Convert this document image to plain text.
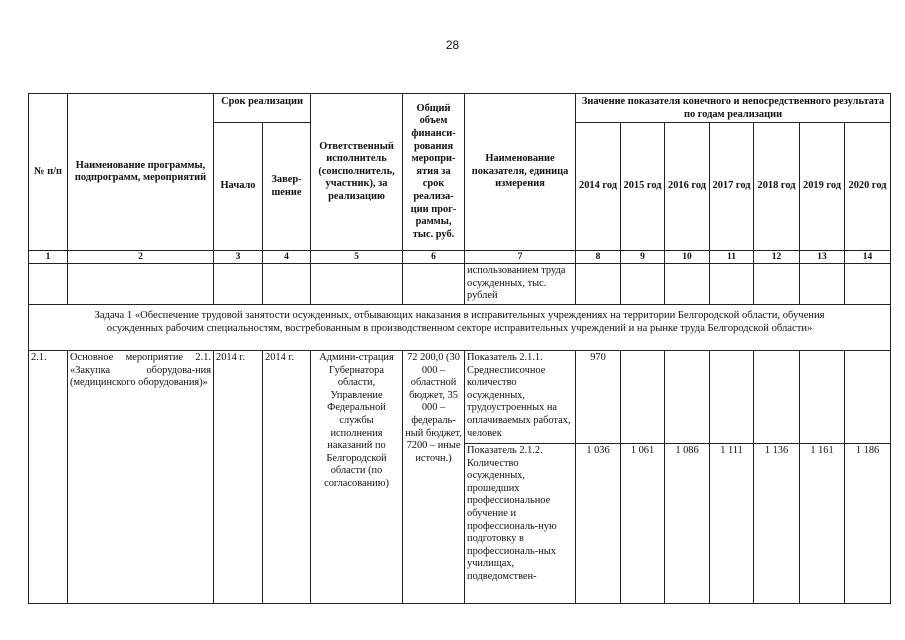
28
№ п/п	Наименование программы, подпрограмм, мероприятий	Срок реализации		Ответственный исполнитель (соисполнитель, участник), за реализацию	Общий объем финанси-рования меропри-ятия за срок реализа-ции прог-раммы, тыс. руб.	Наименование показателя, единица измерения	Значение показателя конечного и непосредственного результата по годам реализации						
		Начало	Завер-шение				2014 год	2015 год	2016 год	2017 год	2018 год	2019 год	2020 год
1	2	3	4	5	6	7	8	9	10	11	12	13	14
						использованием труда осужденных, тыс. рублей							
Задача 1 «Обеспечение трудовой занятости осужденных, отбывающих наказания в исправительных учреждениях на территории Белгородской области, обучения осужденных рабочим специальностям, востребованным в производственном секторе исправительных учреждений и на рынке труда Белгородской области»													
2.1.	Основное мероприятие 2.1. «Закупка оборудова-ния (медицинского оборудования)»	2014 г.	2014 г.	Админи-страция Губернатора области, Управление Федеральной службы исполнения наказаний по Белгородской области (по согласованию)	72 200,0 (30 000 – областной бюджет, 35 000 – федераль-ный бюджет, 7200 – иные источн.)	Показатель 2.1.1. Среднесписочное количество осужденных, трудоустроенных на оплачиваемых работах, человек	970						
						Показатель 2.1.2. Количество осужденных, прошедших профессиональное обучение и профессиональ-ную подготовку в профессиональ-ных училищах, подведомствен-	1 036	1 061	1 086	1 111	1 136	1 161	1 186
